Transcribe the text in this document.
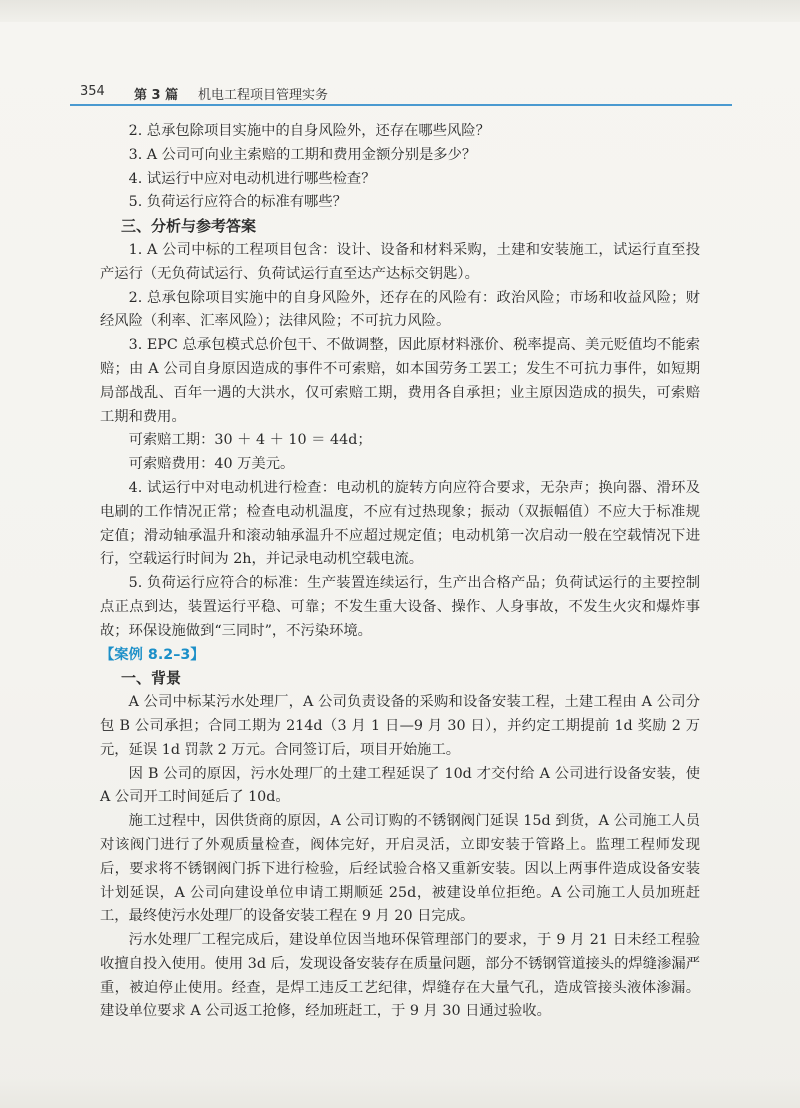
354 第 3 篇 机电工程项目管理实务

2. 总承包除项目实施中的自身风险外，还存在哪些风险？

3. A 公司可向业主索赔的工期和费用金额分别是多少？

4. 试运行中应对电动机进行哪些检查？

5. 负荷运行应符合的标准有哪些？

三、分析与参考答案

1. A 公司中标的工程项目包含：设计、设备和材料采购，土建和安装施工，试运行直至投产运行（无负荷试运行、负荷试运行直至达产达标交钥匙）。

2. 总承包除项目实施中的自身风险外，还存在的风险有：政治风险；市场和收益风险；财经风险（利率、汇率风险）；法律风险；不可抗力风险。

3. EPC 总承包模式总价包干、不做调整，因此原材料涨价、税率提高、美元贬值均不能索赔；由 A 公司自身原因造成的事件不可索赔，如本国劳务工罢工；发生不可抗力事件，如短期局部战乱、百年一遇的大洪水，仅可索赔工期，费用各自承担；业主原因造成的损失，可索赔工期和费用。

可索赔工期：30 ＋ 4 ＋ 10 ＝ 44d；

可索赔费用：40 万美元。

4. 试运行中对电动机进行检查：电动机的旋转方向应符合要求，无杂声；换向器、滑环及电刷的工作情况正常；检查电动机温度，不应有过热现象；振动（双振幅值）不应大于标准规定值；滑动轴承温升和滚动轴承温升不应超过规定值；电动机第一次启动一般在空载情况下进行，空载运行时间为 2h，并记录电动机空载电流。

5. 负荷运行应符合的标准：生产装置连续运行，生产出合格产品；负荷试运行的主要控制点正点到达，装置运行平稳、可靠；不发生重大设备、操作、人身事故，不发生火灾和爆炸事故；环保设施做到“三同时”，不污染环境。

【案例 8.2–3】
一、背景

A 公司中标某污水处理厂，A 公司负责设备的采购和设备安装工程，土建工程由 A 公司分包 B 公司承担；合同工期为 214d（3 月 1 日—9 月 30 日），并约定工期提前 1d 奖励 2 万元，延误 1d 罚款 2 万元。合同签订后，项目开始施工。

因 B 公司的原因，污水处理厂的土建工程延误了 10d 才交付给 A 公司进行设备安装，使 A 公司开工时间延后了 10d。

施工过程中，因供货商的原因，A 公司订购的不锈钢阀门延误 15d 到货，A 公司施工人员对该阀门进行了外观质量检查，阀体完好，开启灵活，立即安装于管路上。监理工程师发现后，要求将不锈钢阀门拆下进行检验，后经试验合格又重新安装。因以上两事件造成设备安装计划延误，A 公司向建设单位申请工期顺延 25d，被建设单位拒绝。A 公司施工人员加班赶工，最终使污水处理厂的设备安装工程在 9 月 20 日完成。

污水处理厂工程完成后，建设单位因当地环保管理部门的要求，于 9 月 21 日未经工程验收擅自投入使用。使用 3d 后，发现设备安装存在质量问题，部分不锈钢管道接头的焊缝渗漏严重，被迫停止使用。经查，是焊工违反工艺纪律，焊缝存在大量气孔，造成管接头液体渗漏。建设单位要求 A 公司返工抢修，经加班赶工，于 9 月 30 日通过验收。
